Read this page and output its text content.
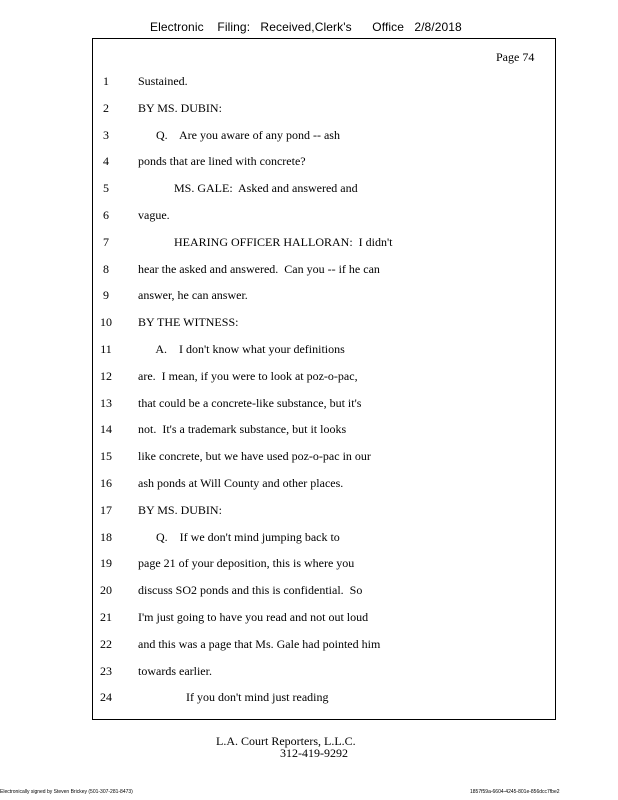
Electronic    Filing:   Received,Clerk's      Office   2/8/2018
Page 74
1	Sustained.
2	BY MS. DUBIN:
3	Q.    Are you aware of any pond -- ash
4	ponds that are lined with concrete?
5	MS. GALE:  Asked and answered and
6	vague.
7	HEARING OFFICER HALLORAN:  I didn't
8	hear the asked and answered.  Can you -- if he can
9	answer, he can answer.
10	BY THE WITNESS:
11	A.    I don't know what your definitions
12	are.  I mean, if you were to look at poz-o-pac,
13	that could be a concrete-like substance, but it's
14	not.  It's a trademark substance, but it looks
15	like concrete, but we have used poz-o-pac in our
16	ash ponds at Will County and other places.
17	BY MS. DUBIN:
18	Q.    If we don't mind jumping back to
19	page 21 of your deposition, this is where you
20	discuss SO2 ponds and this is confidential.  So
21	I'm just going to have you read and not out loud
22	and this was a page that Ms. Gale had pointed him
23	towards earlier.
24	If you don't mind just reading
L.A. Court Reporters, L.L.C.
312-419-9292
Electronically signed by Steven Brickey (501-307-281-8473)	1857f59a-6604-4245-801e-856dcc7fbe2
